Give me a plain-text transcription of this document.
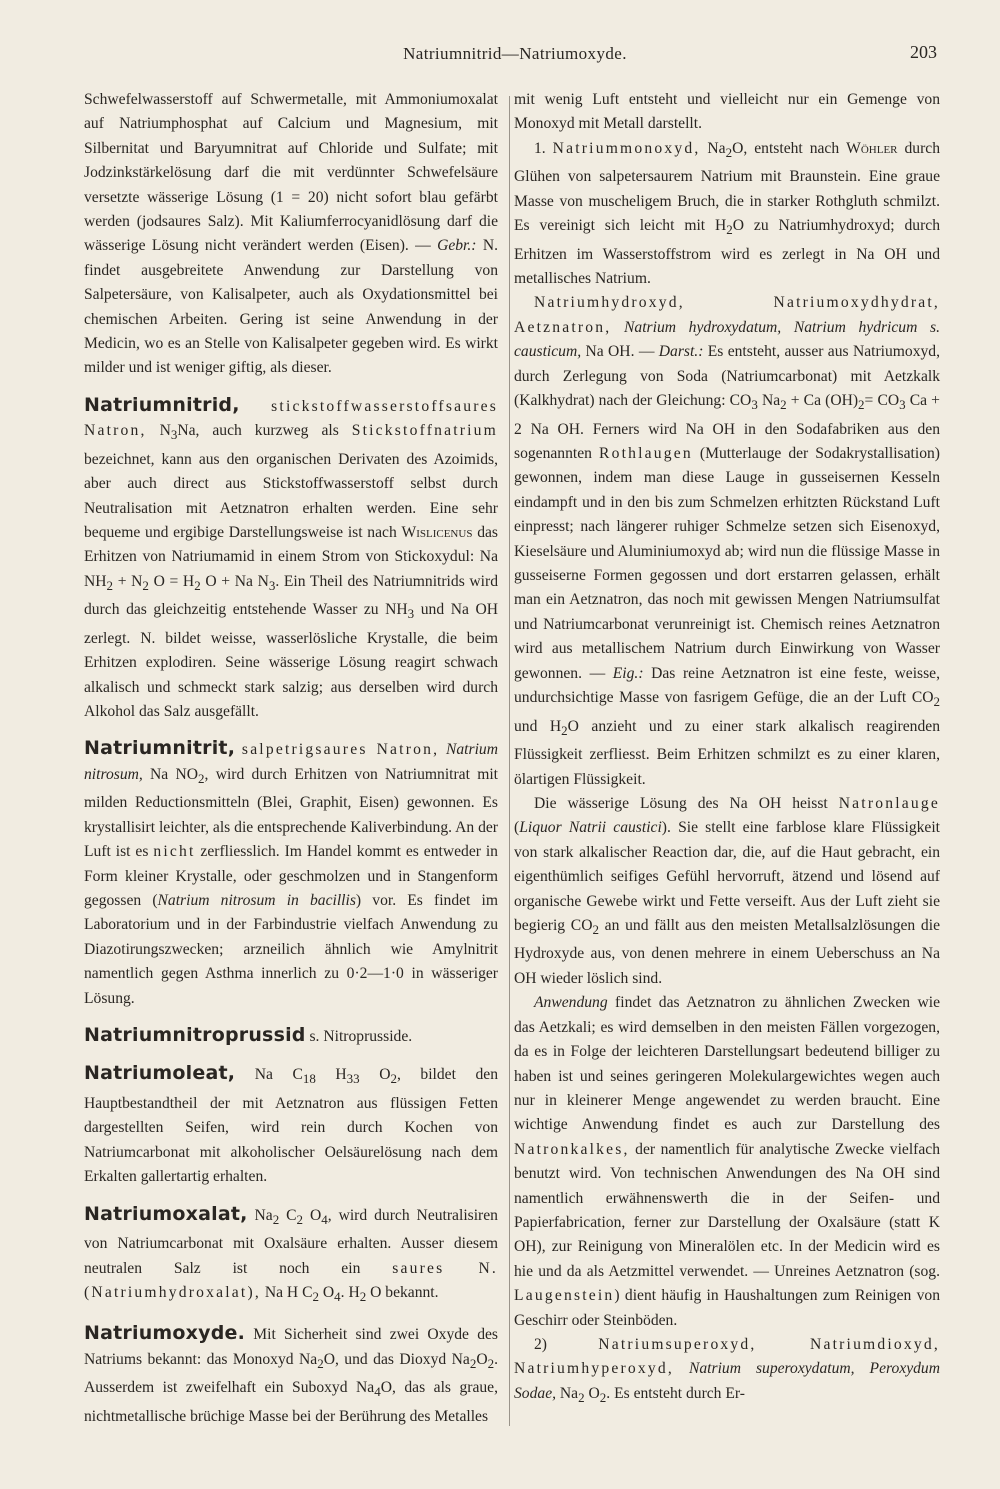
Natriumnitrid—Natriumoxyde.	203

Schwefelwasserstoff auf Schwermetalle, mit Ammoniumoxalat auf Natriumphosphat auf Calcium und Magnesium, mit Silbernitat und Baryumnitrat auf Chloride und Sulfate; mit Jodzinkstärkelösung darf die mit verdünnter Schwefelsäure versetzte wässerige Lösung (1 = 20) nicht sofort blau gefärbt werden (jodsaures Salz). Mit Kaliumferrocyanidlösung darf die wässerige Lösung nicht verändert werden (Eisen). — Gebr.: N. findet ausgebreitete Anwendung zur Darstellung von Salpetersäure, von Kalisalpeter, auch als Oxydationsmittel bei chemischen Arbeiten. Gering ist seine Anwendung in der Medicin, wo es an Stelle von Kalisalpeter gegeben wird. Es wirkt milder und ist weniger giftig, als dieser.

Natriumnitrid, stickstoffwasserstoffsaures Natron, $N_3Na$, auch kurzweg als Stickstoffnatrium bezeichnet, kann aus den organischen Derivaten des Azoimids, aber auch direct aus Stickstoffwasserstoff selbst durch Neutralisation mit Aetznatron erhalten werden. Eine sehr bequeme und ergibige Darstellungsweise ist nach Wislicenus das Erhitzen von Natriumamid in einem Strom von Stickoxydul: Na $NH_2 + N_2$ $O = H_2$ O + Na $N_3$. Ein Theil des Natriumnitrids wird durch das gleichzeitig entstehende Wasser zu $NH_3$ und Na OH zerlegt. N. bildet weisse, wasserlösliche Krystalle, die beim Erhitzen explodiren. Seine wässerige Lösung reagirt schwach alkalisch und schmeckt stark salzig; aus derselben wird durch Alkohol das Salz ausgefällt.

Natriumnitrit, salpetrigsaures Natron, Natrium nitrosum, Na $NO_2$, wird durch Erhitzen von Natriumnitrat mit milden Reductionsmitteln (Blei, Graphit, Eisen) gewonnen. Es krystallisirt leichter, als die entsprechende Kaliverbindung. An der Luft ist es nicht zerfliesslich. Im Handel kommt es entweder in Form kleiner Krystalle, oder geschmolzen und in Stangenform gegossen (Natrium nitrosum in bacillis) vor. Es findet im Laboratorium und in der Farbindustrie vielfach Anwendung zu Diazotirungszwecken; arzneilich ähnlich wie Amylnitrit namentlich gegen Asthma innerlich zu 0·2—1·0 in wässeriger Lösung.

Natriumnitroprussid s. Nitroprusside.

Natriumoleat, Na $C_{18}$ $H_{33}$ $O_2$, bildet den Hauptbestandtheil der mit Aetznatron aus flüssigen Fetten dargestellten Seifen, wird rein durch Kochen von Natriumcarbonat mit alkoholischer Oelsäurelösung nach dem Erkalten gallertartig erhalten.

Natriumoxalat, $Na_2$ $C_2$ $O_4$, wird durch Neutralisiren von Natriumcarbonat mit Oxalsäure erhalten. Ausser diesem neutralen Salz ist noch ein saures N. (Natriumhydroxalat), Na H $C_2$ $O_4$. $H_2$ O bekannt.

Natriumoxyde. Mit Sicherheit sind zwei Oxyde des Natriums bekannt: das Monoxyd $Na_2O$, und das Dioxyd $Na_2O_2$. Ausserdem ist zweifelhaft ein Suboxyd $Na_4O$, das als graue, nichtmetallische brüchige Masse bei der Berührung des Metalles

mit wenig Luft entsteht und vielleicht nur ein Gemenge von Monoxyd mit Metall darstellt.

1. Natriummonoxyd, $Na_2O$, entsteht nach Wöhler durch Glühen von salpetersaurem Natrium mit Braunstein. Eine graue Masse von muscheligem Bruch, die in starker Rothgluth schmilzt. Es vereinigt sich leicht mit $H_2O$ zu Natriumhydroxyd; durch Erhitzen im Wasserstoffstrom wird es zerlegt in Na OH und metallisches Natrium.

Natriumhydroxyd, Natriumoxydhydrat, Aetznatron, Natrium hydroxydatum, Natrium hydricum s. causticum, Na OH. — Darst.: Es entsteht, ausser aus Natriumoxyd, durch Zerlegung von Soda (Natriumcarbonat) mit Aetzkalk (Kalkhydrat) nach der Gleichung: $CO_3$ $Na_2 + Ca$ $(OH)_2= CO_3$ Ca + 2 Na OH. Ferners wird Na OH in den Sodafabriken aus den sogenannten Rothlaugen (Mutterlauge der Sodakrystallisation) gewonnen, indem man diese Lauge in gusseisernen Kesseln eindampft und in den bis zum Schmelzen erhitzten Rückstand Luft einpresst; nach längerer ruhiger Schmelze setzen sich Eisenoxyd, Kieselsäure und Aluminiumoxyd ab; wird nun die flüssige Masse in gusseiserne Formen gegossen und dort erstarren gelassen, erhält man ein Aetznatron, das noch mit gewissen Mengen Natriumsulfat und Natriumcarbonat verunreinigt ist. Chemisch reines Aetznatron wird aus metallischem Natrium durch Einwirkung von Wasser gewonnen. — Eig.: Das reine Aetznatron ist eine feste, weisse, undurchsichtige Masse von fasrigem Gefüge, die an der Luft $CO_2$ und $H_2O$ anzieht und zu einer stark alkalisch reagirenden Flüssigkeit zerfliesst. Beim Erhitzen schmilzt es zu einer klaren, ölartigen Flüssigkeit.

Die wässerige Lösung des Na OH heisst Natronlauge (Liquor Natrii caustici). Sie stellt eine farblose klare Flüssigkeit von stark alkalischer Reaction dar, die, auf die Haut gebracht, ein eigenthümlich seifiges Gefühl hervorruft, ätzend und lösend auf organische Gewebe wirkt und Fette verseift. Aus der Luft zieht sie begierig $CO_2$ an und fällt aus den meisten Metallsalzlösungen die Hydroxyde aus, von denen mehrere in einem Ueberschuss an Na OH wieder löslich sind.

Anwendung findet das Aetznatron zu ähnlichen Zwecken wie das Aetzkali; es wird demselben in den meisten Fällen vorgezogen, da es in Folge der leichteren Darstellungsart bedeutend billiger zu haben ist und seines geringeren Molekulargewichtes wegen auch nur in kleinerer Menge angewendet zu werden braucht. Eine wichtige Anwendung findet es auch zur Darstellung des Natronkalkes, der namentlich für analytische Zwecke vielfach benutzt wird. Von technischen Anwendungen des Na OH sind namentlich erwähnenswerth die in der Seifen- und Papierfabrication, ferner zur Darstellung der Oxalsäure (statt K OH), zur Reinigung von Mineralölen etc. In der Medicin wird es hie und da als Aetzmittel verwendet. — Unreines Aetznatron (sog. Laugenstein) dient häufig in Haushaltungen zum Reinigen von Geschirr oder Steinböden.

2) Natriumsuperoxyd, Natriumdioxyd, Natriumhyperoxyd, Natrium superoxydatum, Peroxydum Sodae, $Na_2$ $O_2$. Es entsteht durch Er-
